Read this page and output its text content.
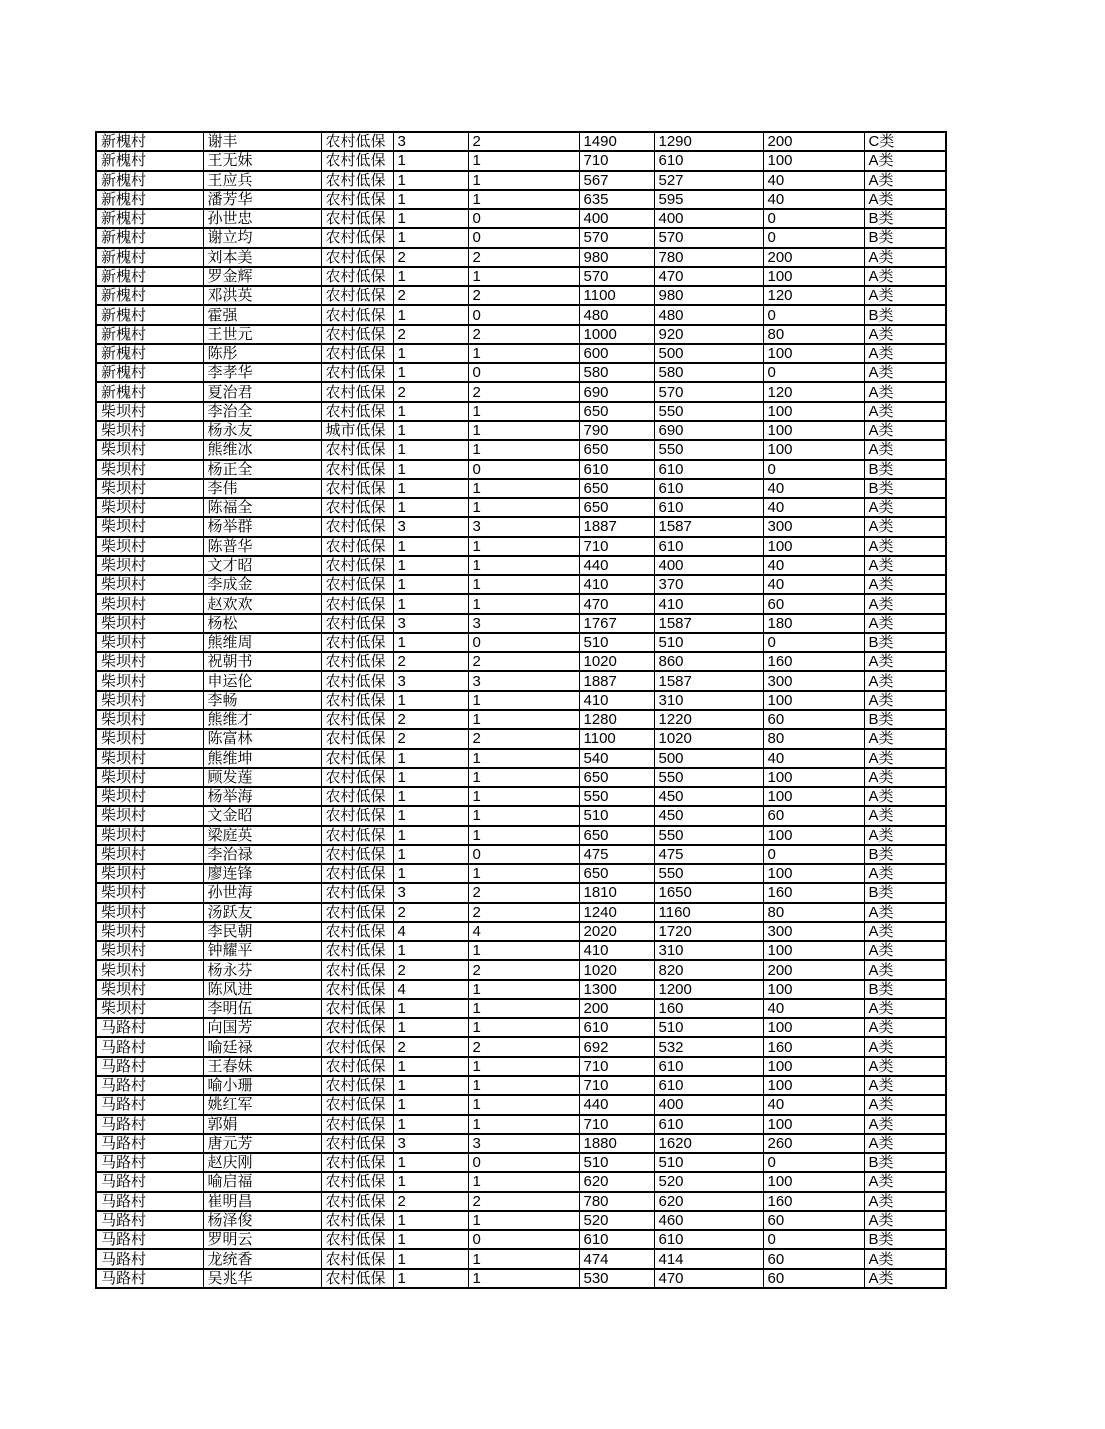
新槐村	谢丰	农村低保	3	2	1490	1290	200	C类
新槐村	王无妹	农村低保	1	1	710	610	100	A类
新槐村	王应兵	农村低保	1	1	567	527	40	A类
新槐村	潘芳华	农村低保	1	1	635	595	40	A类
新槐村	孙世忠	农村低保	1	0	400	400	0	B类
新槐村	谢立均	农村低保	1	0	570	570	0	B类
新槐村	刘本美	农村低保	2	2	980	780	200	A类
新槐村	罗金辉	农村低保	1	1	570	470	100	A类
新槐村	邓洪英	农村低保	2	2	1100	980	120	A类
新槐村	霍强	农村低保	1	0	480	480	0	B类
新槐村	王世元	农村低保	2	2	1000	920	80	A类
新槐村	陈彤	农村低保	1	1	600	500	100	A类
新槐村	李孝华	农村低保	1	0	580	580	0	A类
新槐村	夏治君	农村低保	2	2	690	570	120	A类
柴坝村	李治全	农村低保	1	1	650	550	100	A类
柴坝村	杨永友	城市低保	1	1	790	690	100	A类
柴坝村	熊维冰	农村低保	1	1	650	550	100	A类
柴坝村	杨正全	农村低保	1	0	610	610	0	B类
柴坝村	李伟	农村低保	1	1	650	610	40	B类
柴坝村	陈福全	农村低保	1	1	650	610	40	A类
柴坝村	杨举群	农村低保	3	3	1887	1587	300	A类
柴坝村	陈普华	农村低保	1	1	710	610	100	A类
柴坝村	文才昭	农村低保	1	1	440	400	40	A类
柴坝村	李成金	农村低保	1	1	410	370	40	A类
柴坝村	赵欢欢	农村低保	1	1	470	410	60	A类
柴坝村	杨松	农村低保	3	3	1767	1587	180	A类
柴坝村	熊维周	农村低保	1	0	510	510	0	B类
柴坝村	祝朝书	农村低保	2	2	1020	860	160	A类
柴坝村	申运伦	农村低保	3	3	1887	1587	300	A类
柴坝村	李畅	农村低保	1	1	410	310	100	A类
柴坝村	熊维才	农村低保	2	1	1280	1220	60	B类
柴坝村	陈富林	农村低保	2	2	1100	1020	80	A类
柴坝村	熊维坤	农村低保	1	1	540	500	40	A类
柴坝村	顾发莲	农村低保	1	1	650	550	100	A类
柴坝村	杨举海	农村低保	1	1	550	450	100	A类
柴坝村	文金昭	农村低保	1	1	510	450	60	A类
柴坝村	梁庭英	农村低保	1	1	650	550	100	A类
柴坝村	李治禄	农村低保	1	0	475	475	0	B类
柴坝村	廖连锋	农村低保	1	1	650	550	100	A类
柴坝村	孙世海	农村低保	3	2	1810	1650	160	B类
柴坝村	汤跃友	农村低保	2	2	1240	1160	80	A类
柴坝村	李民朝	农村低保	4	4	2020	1720	300	A类
柴坝村	钟耀平	农村低保	1	1	410	310	100	A类
柴坝村	杨永芬	农村低保	2	2	1020	820	200	A类
柴坝村	陈风进	农村低保	4	1	1300	1200	100	B类
柴坝村	李明伍	农村低保	1	1	200	160	40	A类
马路村	向国芳	农村低保	1	1	610	510	100	A类
马路村	喻廷禄	农村低保	2	2	692	532	160	A类
马路村	王春妹	农村低保	1	1	710	610	100	A类
马路村	喻小珊	农村低保	1	1	710	610	100	A类
马路村	姚红军	农村低保	1	1	440	400	40	A类
马路村	郭娟	农村低保	1	1	710	610	100	A类
马路村	唐元芳	农村低保	3	3	1880	1620	260	A类
马路村	赵庆刚	农村低保	1	0	510	510	0	B类
马路村	喻启福	农村低保	1	1	620	520	100	A类
马路村	崔明昌	农村低保	2	2	780	620	160	A类
马路村	杨泽俊	农村低保	1	1	520	460	60	A类
马路村	罗明云	农村低保	1	0	610	610	0	B类
马路村	龙统香	农村低保	1	1	474	414	60	A类
马路村	吴兆华	农村低保	1	1	530	470	60	A类
